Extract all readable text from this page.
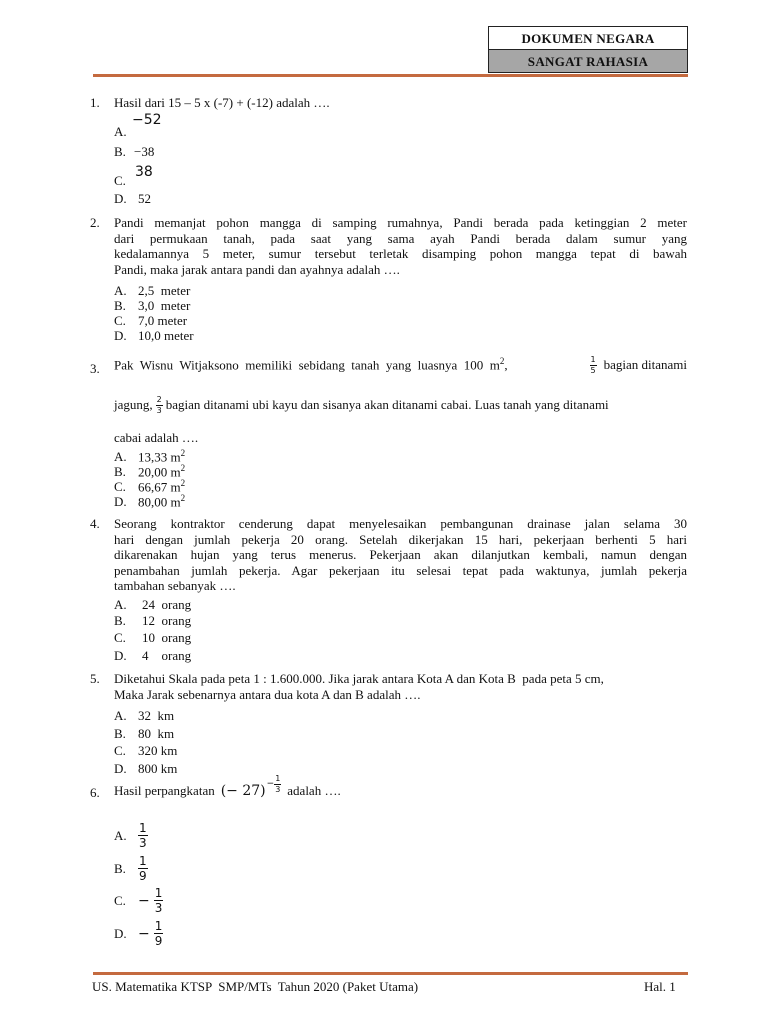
DOKUMEN NEGARA
SANGAT RAHASIA
1. Hasil dari 15 – 5 x (-7) + (-12) adalah ….
A.−52
B. −38
C.38
D. 52
2. Pandi memanjat pohon mangga di samping rumahnya, Pandi berada pada ketinggian 2 meter
dari permukaan tanah, pada saat yang sama ayah Pandi berada dalam sumur yang
kedalamannya 5 meter, sumur tersebut terletak disamping pohon mangga tepat di bawah
Pandi, maka jarak antara pandi dan ayahnya adalah ….
A. 2,5  meter
B. 3,0  meter
C. 7,0 meter
D. 10,0 meter
3. Pak Wisnu Witjaksono memiliki sebidang tanah yang luasnya 100 $m^2$,	$\frac{1}{5}$ bagian ditanami
jagung, $\frac{2}{3}$ bagian ditanami ubi kayu dan sisanya akan ditanami cabai. Luas tanah yang ditanami
cabai adalah ….
A. 13,33 $m^2$
B. 20,00 $m^2$
C. 66,67 $m^2$
D. 80,00 $m^2$
4. Seorang kontraktor cenderung dapat menyelesaikan pembangunan drainase jalan selama 30
hari dengan jumlah pekerja 20 orang. Setelah dikerjakan 15 hari, pekerjaan berhenti 5 hari
dikarenakan hujan yang terus menerus. Pekerjaan akan dilanjutkan kembali, namun dengan
penambahan jumlah pekerja. Agar pekerjaan itu selesai tepat pada waktunya, jumlah pekerja
tambahan sebanyak ….
A. 24  orang
B. 12  orang
C. 10  orang
D. 4    orang
5. Diketahui Skala pada peta 1 : 1.600.000. Jika jarak antara Kota A dan Kota B  pada peta 5 cm,
Maka Jarak sebenarnya antara dua kota A dan B adalah ….
A. 32  km
B. 80  km
C. 320 km
D. 800 km
6. Hasil perpangkatan (− $27) - \frac{1}{3}$ adalah ….
A. $\frac{1}{3}$
B.	$\frac{1}{9}$
C. − $\frac{1}{3}$
D. − $\frac{1}{9}$
US. Matematika KTSP  SMP/MTs  Tahun 2020 (Paket Utama)	Hal. 1
